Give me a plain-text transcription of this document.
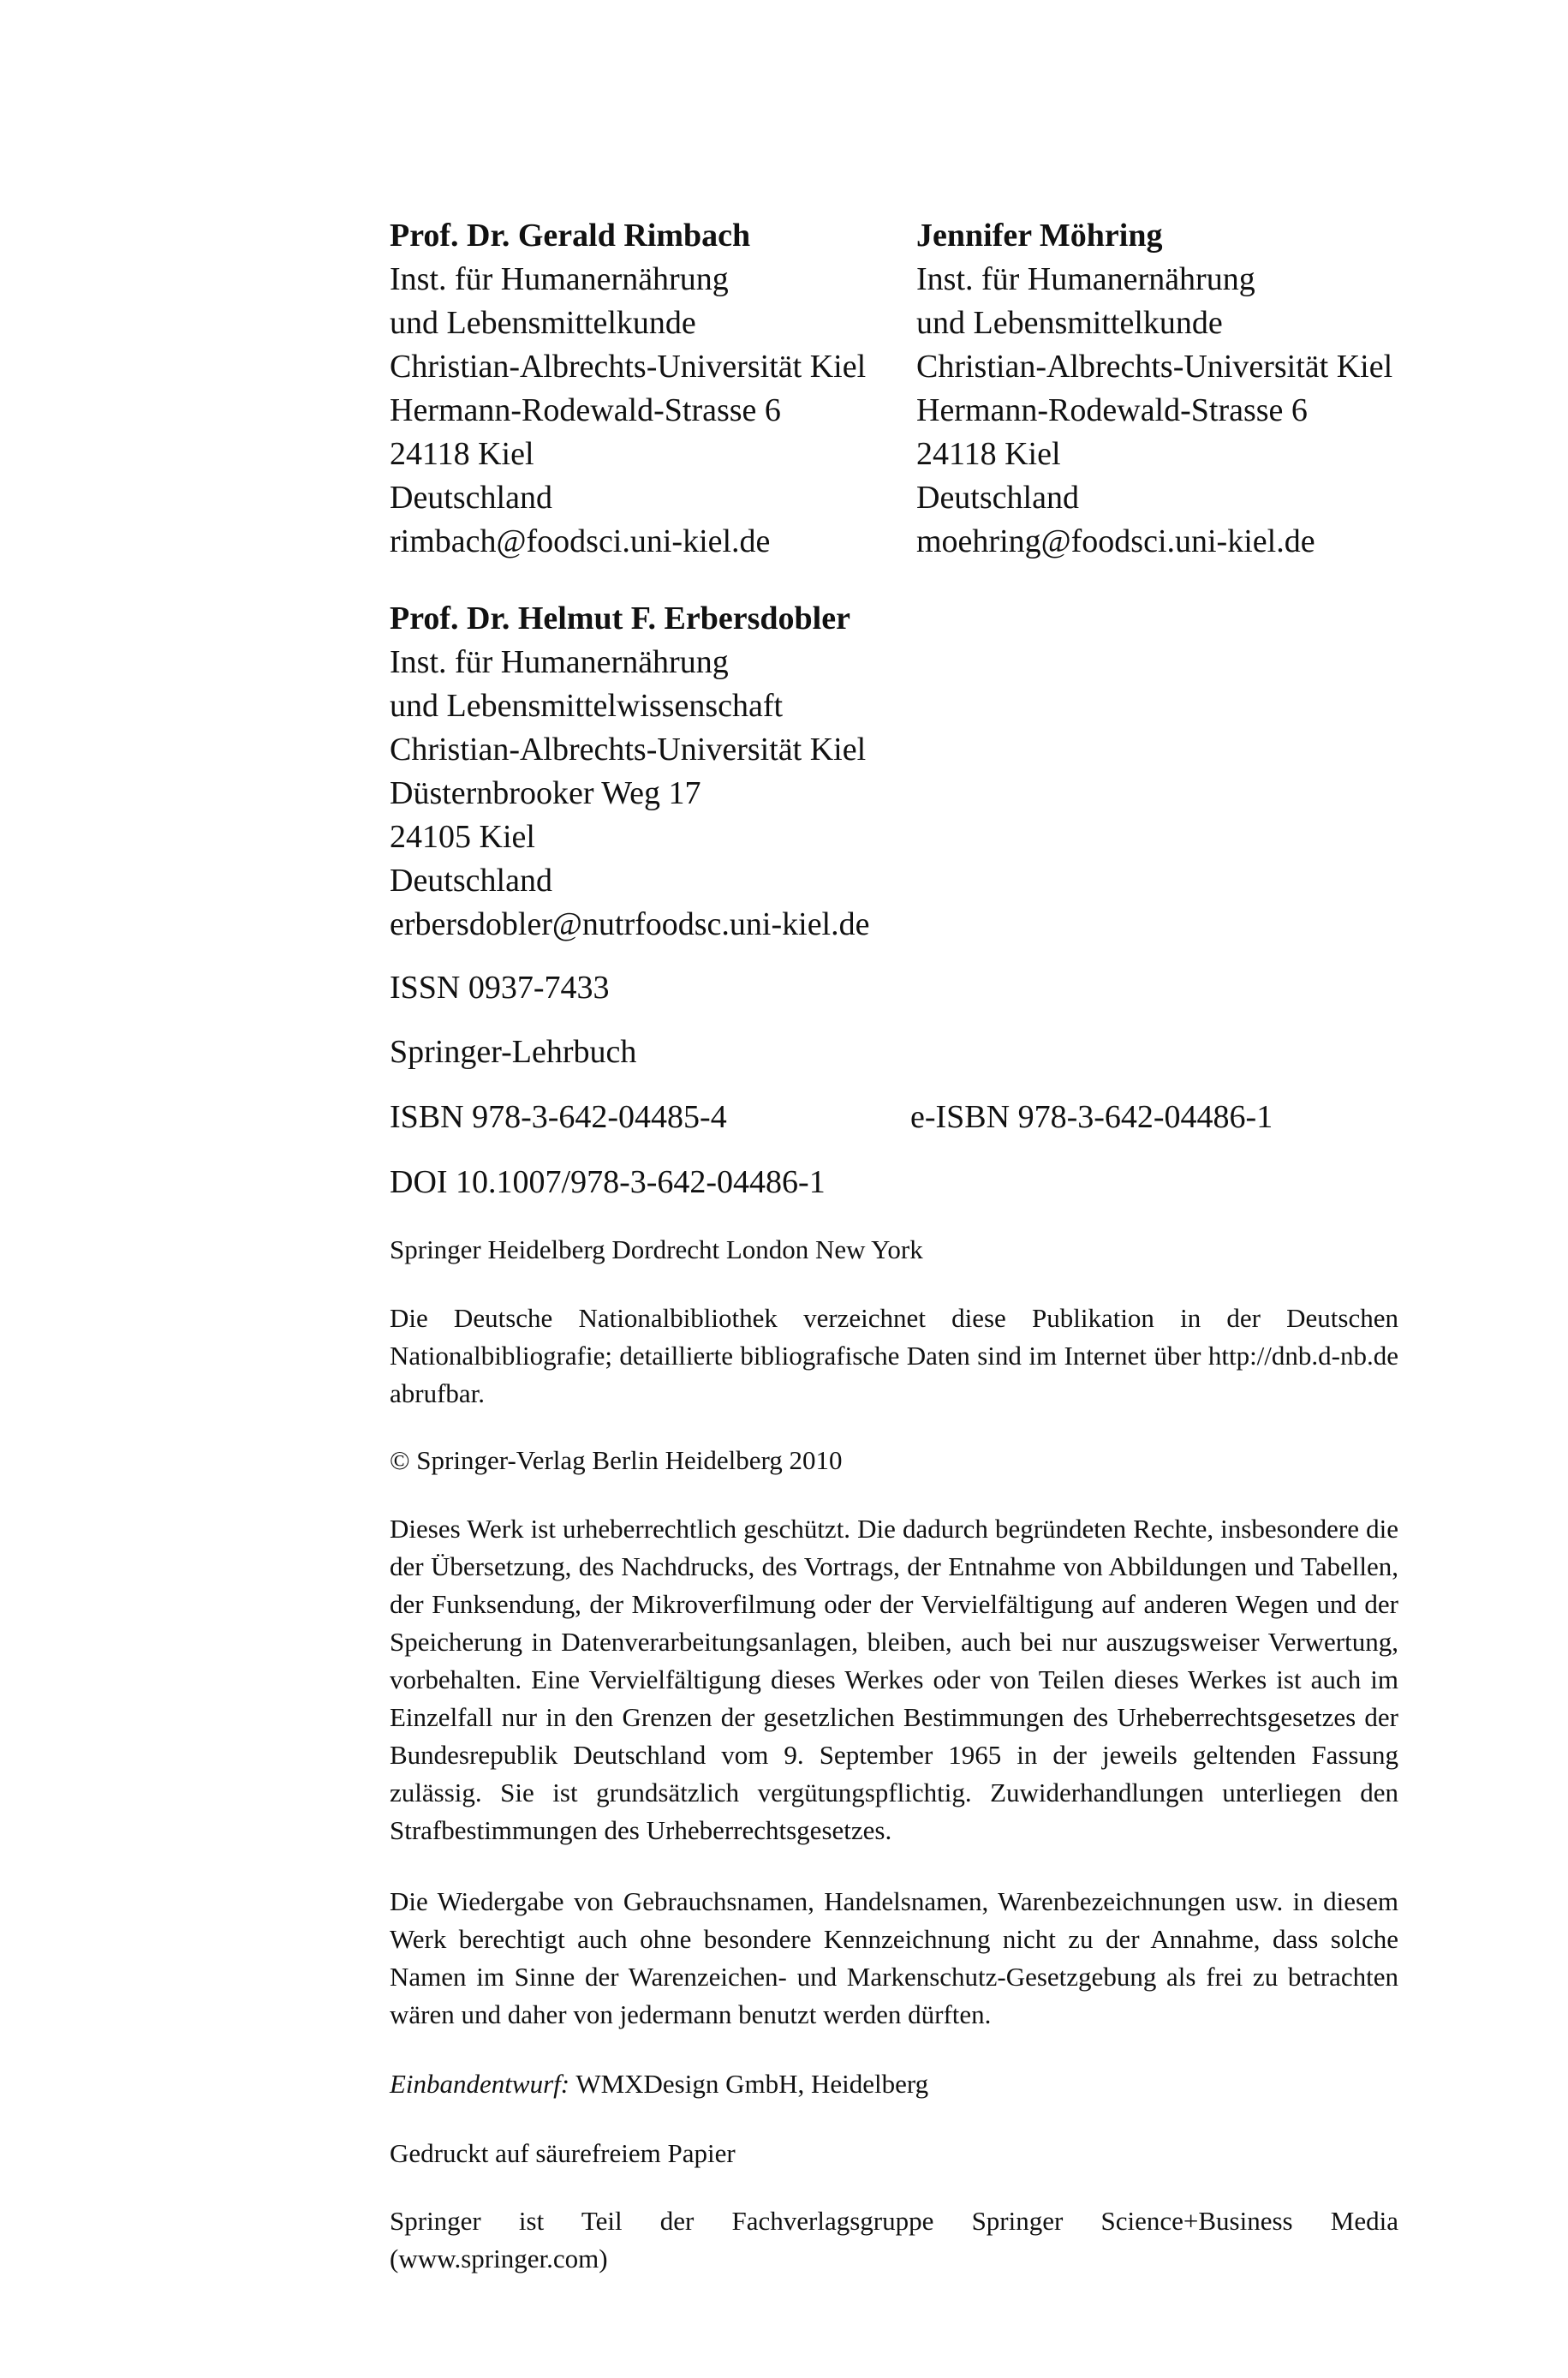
Prof. Dr. Gerald Rimbach
Inst. für Humanernährung
und Lebensmittelkunde
Christian-Albrechts-Universität Kiel
Hermann-Rodewald-Strasse 6
24118 Kiel
Deutschland
rimbach@foodsci.uni-kiel.de
Jennifer Möhring
Inst. für Humanernährung
und Lebensmittelkunde
Christian-Albrechts-Universität Kiel
Hermann-Rodewald-Strasse 6
24118 Kiel
Deutschland
moehring@foodsci.uni-kiel.de
Prof. Dr. Helmut F. Erbersdobler
Inst. für Humanernährung
und Lebensmittelwissenschaft
Christian-Albrechts-Universität Kiel
Düsternbrooker Weg 17
24105 Kiel
Deutschland
erbersdobler@nutrfoodsc.uni-kiel.de
ISSN 0937-7433
Springer-Lehrbuch
ISBN 978-3-642-04485-4	e-ISBN 978-3-642-04486-1
DOI 10.1007/978-3-642-04486-1
Springer Heidelberg Dordrecht London New York
Die Deutsche Nationalbibliothek verzeichnet diese Publikation in der Deutschen Nationalbibliografie; detaillierte bibliografische Daten sind im Internet über http://dnb.d-nb.de abrufbar.
© Springer-Verlag Berlin Heidelberg 2010
Dieses Werk ist urheberrechtlich geschützt. Die dadurch begründeten Rechte, insbesondere die der Übersetzung, des Nachdrucks, des Vortrags, der Entnahme von Abbildungen und Tabellen, der Funksendung, der Mikroverfilmung oder der Vervielfältigung auf anderen Wegen und der Speicherung in Datenverarbeitungsanlagen, bleiben, auch bei nur auszugsweiser Verwertung, vorbehalten. Eine Vervielfältigung dieses Werkes oder von Teilen dieses Werkes ist auch im Einzelfall nur in den Grenzen der gesetzlichen Bestimmungen des Urheberrechtsgesetzes der Bundesrepublik Deutschland vom 9. September 1965 in der jeweils geltenden Fassung zulässig. Sie ist grundsätzlich vergütungspflichtig. Zuwiderhandlungen unterliegen den Strafbestimmungen des Urheberrechtsgesetzes.
Die Wiedergabe von Gebrauchsnamen, Handelsnamen, Warenbezeichnungen usw. in diesem Werk berechtigt auch ohne besondere Kennzeichnung nicht zu der Annahme, dass solche Namen im Sinne der Warenzeichen- und Markenschutz-Gesetzgebung als frei zu betrachten wären und daher von jedermann benutzt werden dürften.
Einbandentwurf: WMXDesign GmbH, Heidelberg
Gedruckt auf säurefreiem Papier
Springer ist Teil der Fachverlagsgruppe Springer Science+Business Media (www.springer.com)
